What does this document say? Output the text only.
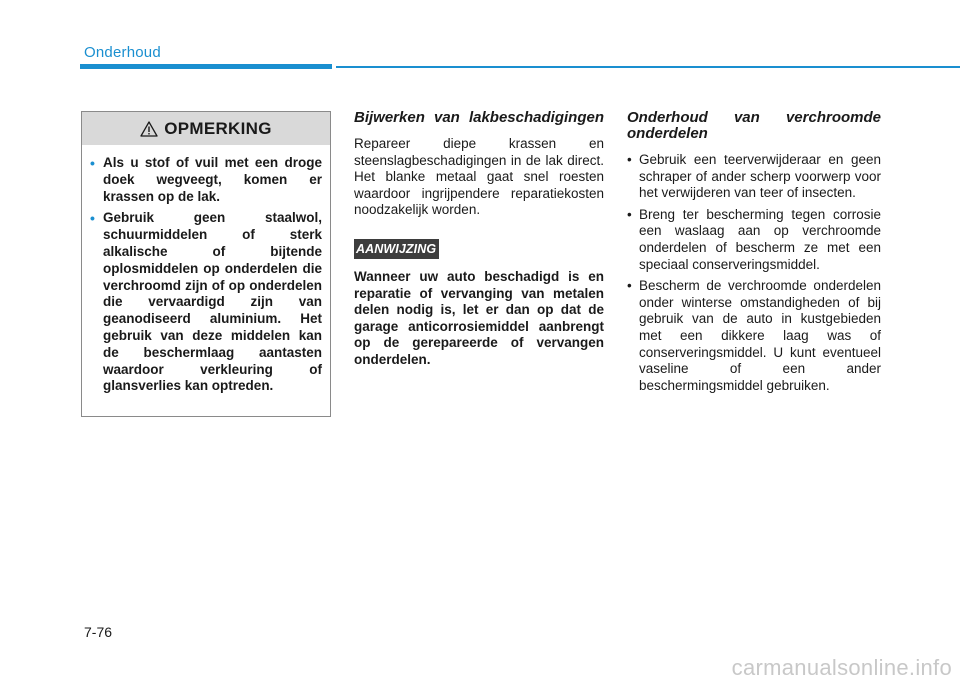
Onderhoud
OPMERKING
• Als u stof of vuil met een droge doek wegveegt, komen er krassen op de lak.
• Gebruik geen staalwol, schuurmiddelen of sterk alkalische of bijtende oplosmiddelen op onderdelen die verchroomd zijn of op onderdelen die vervaardigd zijn van geanodiseerd aluminium. Het gebruik van deze middelen kan de beschermlaag aantasten waardoor verkleuring of glansverlies kan optreden.
Bijwerken van lakbeschadigingen

Repareer diepe krassen en steenslagbeschadigingen in de lak direct. Het blanke metaal gaat snel roesten waardoor ingrijpendere reparatiekosten noodzakelijk worden.

AANWIJZING

Wanneer uw auto beschadigd is en reparatie of vervanging van metalen delen nodig is, let er dan op dat de garage anticorrosiemiddel aanbrengt op de gerepareerde of vervangen onderdelen.

Onderhoud van verchroomde onderdelen
• Gebruik een teerverwijderaar en geen schraper of ander scherp voorwerp voor het verwijderen van teer of insecten.
• Breng ter bescherming tegen corrosie een waslaag aan op verchroomde onderdelen of bescherm ze met een speciaal conserveringsmiddel.
• Bescherm de verchroomde onderdelen onder winterse omstandigheden of bij gebruik van de auto in kustgebieden met een dikkere laag was of conserveringsmiddel. U kunt eventueel vaseline of een ander beschermingsmiddel gebruiken.
7-76
carmanualsonline.info
